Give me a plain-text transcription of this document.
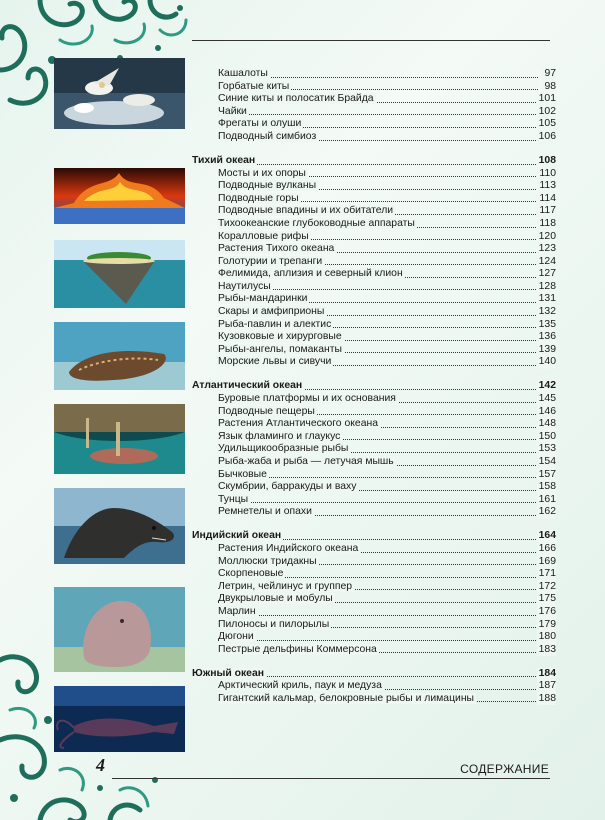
Кашалоты	97
Горбатые киты	98
Синие киты и полосатик Брайда	101
Чайки	102
Фрегаты и олуши	105
Подводный симбиоз	106
Тихий океан	108
Мосты и их опоры	110
Подводные вулканы	113
Подводные горы	114
Подводные впадины и их обитатели	117
Тихоокеанские глубоководные аппараты	118
Коралловые рифы	120
Растения Тихого океана	123
Голотурии и трепанги	124
Фелимида, аплизия и северный клион	127
Наутилусы	128
Рыбы-мандаринки	131
Скары и амфиприоны	132
Рыба-павлин и алектис	135
Кузовковые и хирурговые	136
Рыбы-ангелы, помаканты	139
Морские львы и сивучи	140
Атлантический океан	142
Буровые платформы и их основания	145
Подводные пещеры	146
Растения Атлантического океана	148
Язык фламинго и глаукус	150
Удильщикообразные рыбы	153
Рыба-жаба и рыба — летучая мышь	154
Бычковые	157
Скумбрии, барракуды и ваху	158
Тунцы	161
Ремнетелы и опахи	162
Индийский океан	164
Растения Индийского океана	166
Моллюски тридакны	169
Скорпеновые	171
Летрин, чейлинус и группер	172
Двукрыловые и мобулы	175
Марлин	176
Пилоносы и пилорылы	179
Дюгони	180
Пестрые дельфины Коммерсона	183
Южный океан	184
Арктический криль, паук и медуза	187
Гигантский кальмар, белокровные рыбы и лимацины	188
4	СОДЕРЖАНИЕ
